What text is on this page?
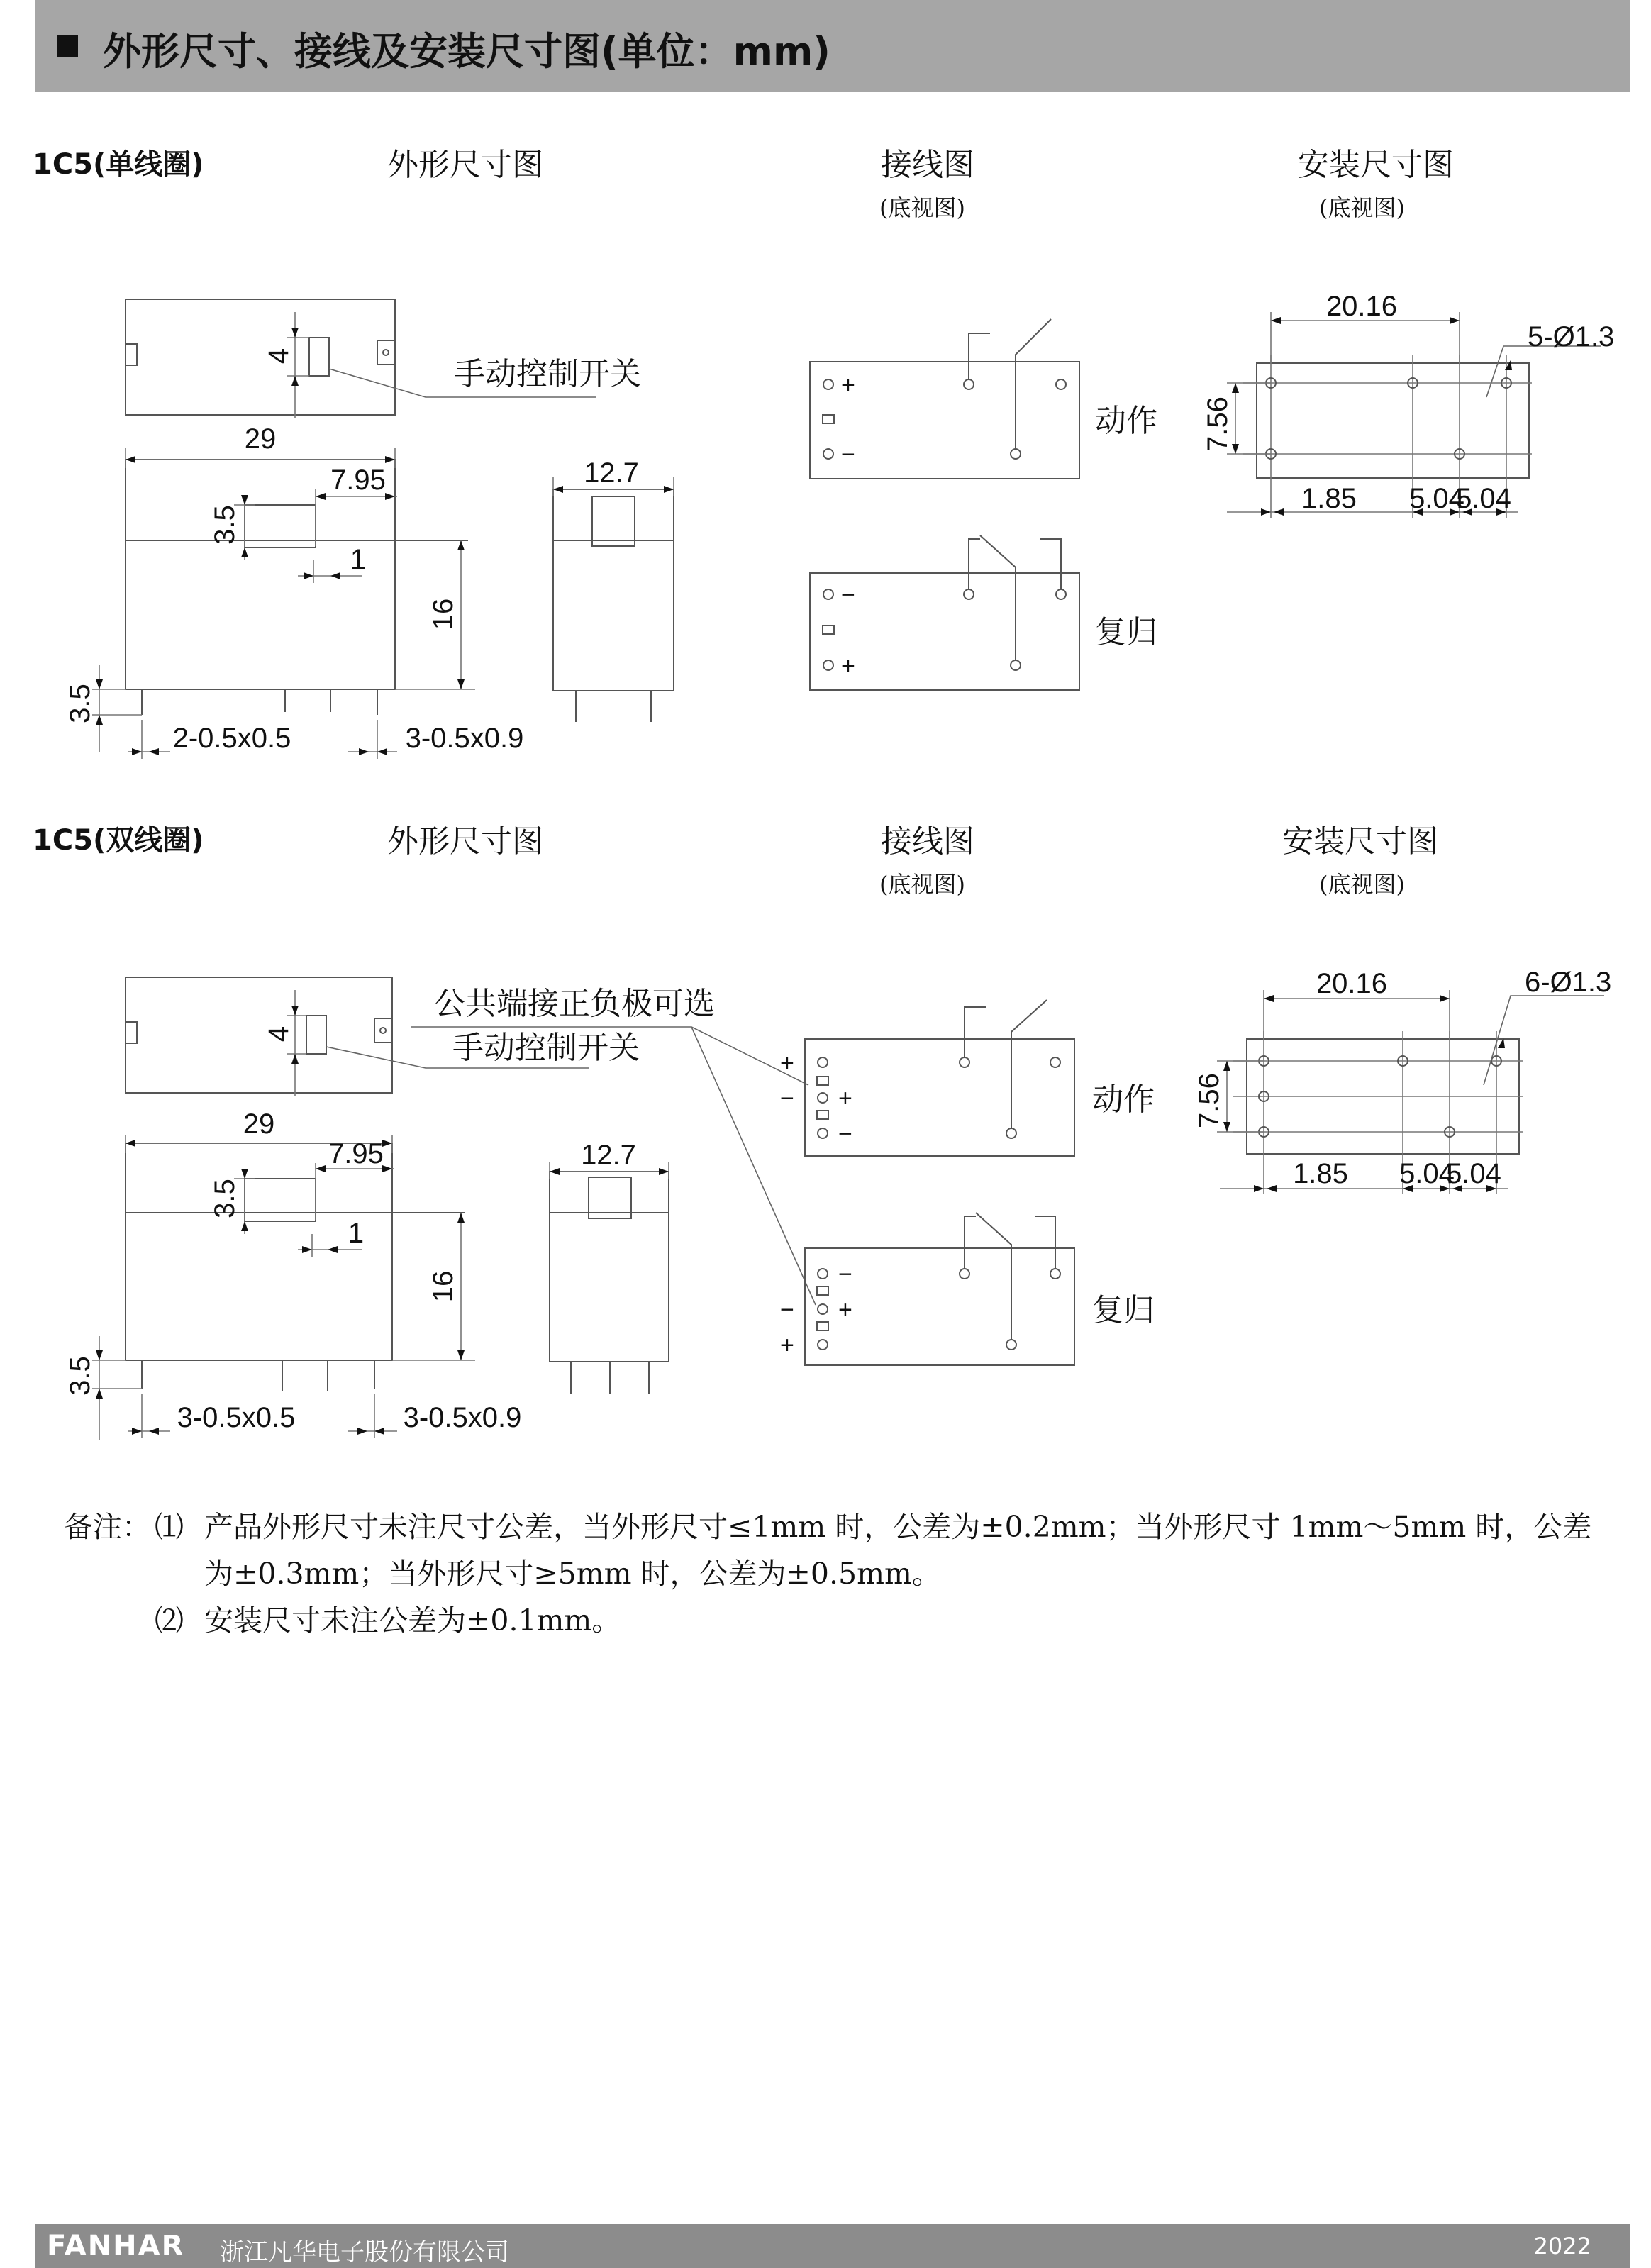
外形尺寸、接线及安装尺寸图(单位：mm)
1C5(单线圈)	外形尺寸图	接线图
(底视图)
安装尺寸图
(底视图)
4	手动控制开关
29
7.95
3.5
1
16
3.5
2-0.5x0.5	3-0.5x0.9
12.7
+
−
动作
−
+
复归
20.16
5-Ø1.3
7.56
1.85 5.04
5.04
1C5(双线圈)	外形尺寸图	接线图
(底视图)
安装尺寸图
(底视图)
4
公共端接正负极可选
手动控制开关
29
7.95
3.5
1
16
3.5
3-0.5x0.5	3-0.5x0.9
12.7
+
− +
−
动作
−
+
−
+	复归
20.16	6-Ø1.3
7.56
1.85 5.04
5.04
备注： ⑴ 产品外形尺寸未注尺寸公差，当外形尺寸≤1mm 时，公差为±0.2mm；当外形尺寸 1mm～5mm 时，公差
为±0.3mm；当外形尺寸≥5mm 时，公差为±0.5mm。
⑵ 安装尺寸未注公差为±0.1mm。
FANHAR 浙江凡华电子股份有限公司	2022
